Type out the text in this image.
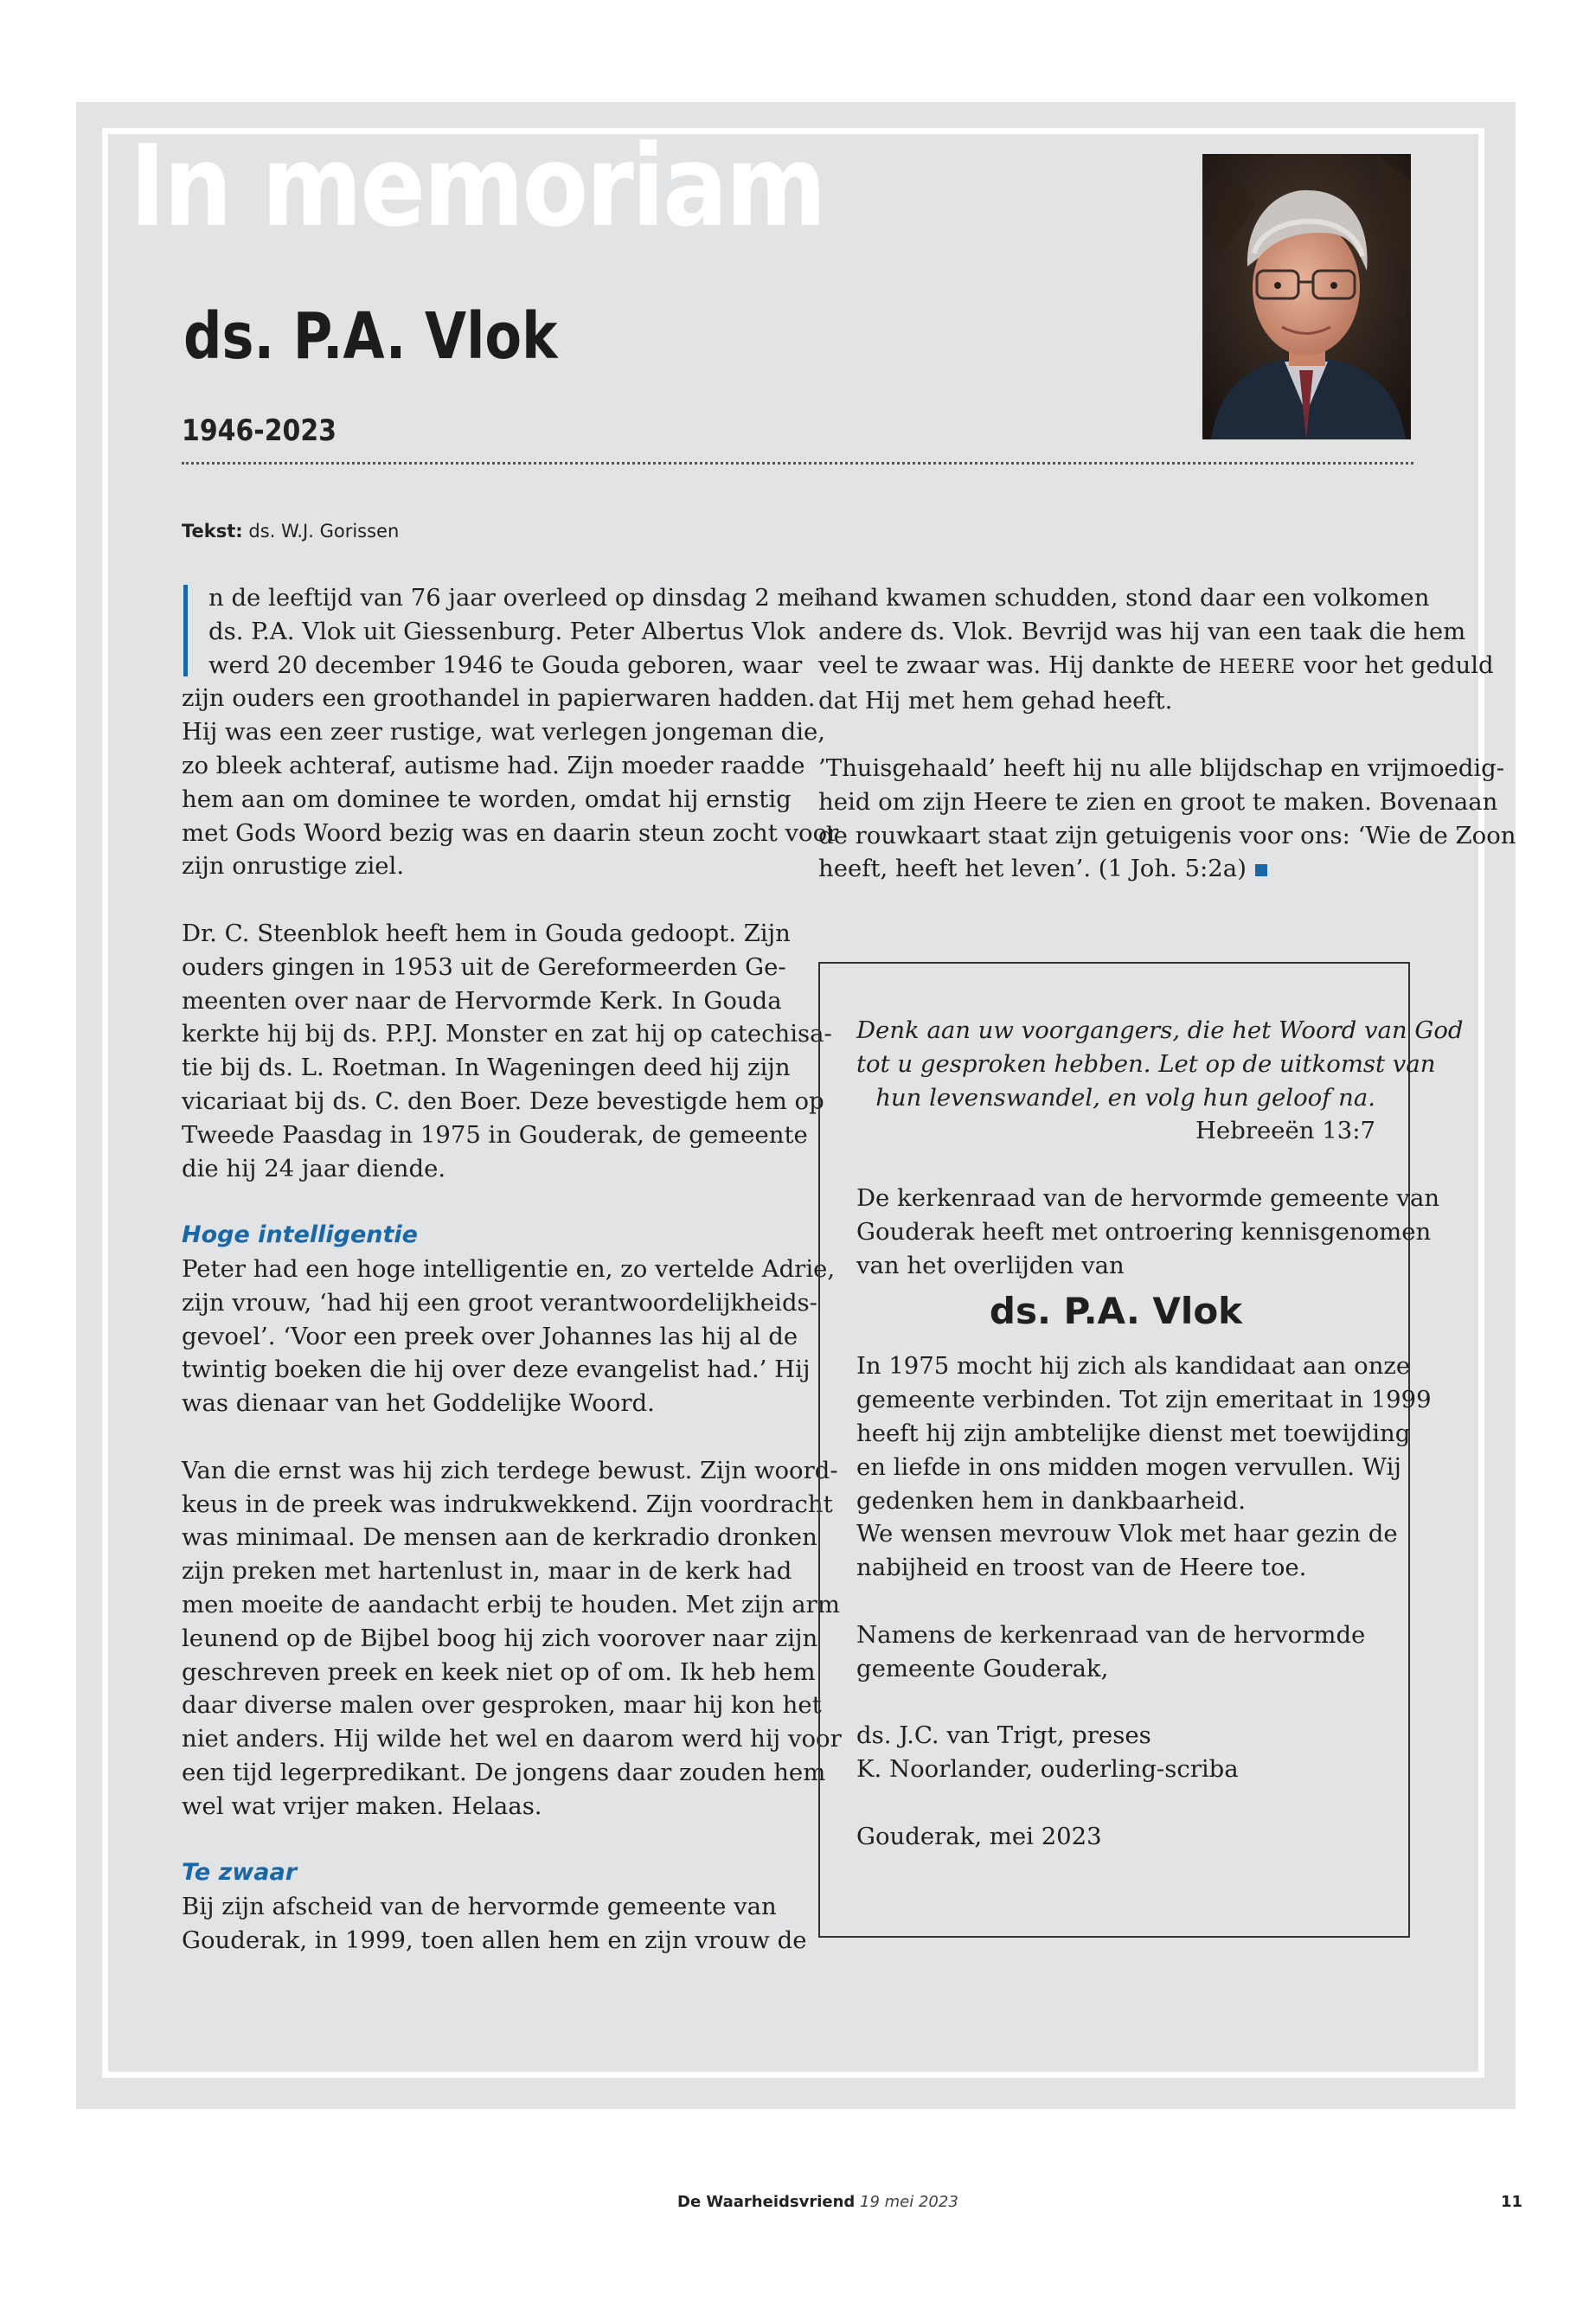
In memoriam
ds. P.A. Vlok
1946-2023
Tekst: ds. W.J. Gorissen

n de leeftijd van 76 jaar overleed op dinsdag 2 mei

ds. P.A. Vlok uit Giessenburg. Peter Albertus Vlok

werd 20 december 1946 te Gouda geboren, waar

zijn ouders een groothandel in papierwaren hadden.

Hij was een zeer rustige, wat verlegen jongeman die,

zo bleek achteraf, autisme had. Zijn moeder raadde

hem aan om dominee te worden, omdat hij ernstig

met Gods Woord bezig was en daarin steun zocht voor

zijn onrustige ziel.

Dr. C. Steenblok heeft hem in Gouda gedoopt. Zijn

ouders gingen in 1953 uit de Gereformeerden Ge-

meenten over naar de Hervormde Kerk. In Gouda

kerkte hij bij ds. P.P.J. Monster en zat hij op catechisa-

tie bij ds. L. Roetman. In Wageningen deed hij zijn

vicariaat bij ds. C. den Boer. Deze bevestigde hem op

Tweede Paasdag in 1975 in Gouderak, de gemeente

die hij 24 jaar diende.

Hoge intelligentie

Peter had een hoge intelligentie en, zo vertelde Adrie,

zijn vrouw, ‘had hij een groot verantwoordelijkheids-

gevoel’. ‘Voor een preek over Johannes las hij al de

twintig boeken die hij over deze evangelist had.’ Hij

was dienaar van het Goddelijke Woord.

Van die ernst was hij zich terdege bewust. Zijn woord-

keus in de preek was indrukwekkend. Zijn voordracht

was minimaal. De mensen aan de kerkradio dronken

zijn preken met hartenlust in, maar in de kerk had

men moeite de aandacht erbij te houden. Met zijn arm

leunend op de Bijbel boog hij zich voorover naar zijn

geschreven preek en keek niet op of om. Ik heb hem

daar diverse malen over gesproken, maar hij kon het

niet anders. Hij wilde het wel en daarom werd hij voor

een tijd legerpredikant. De jongens daar zouden hem

wel wat vrijer maken. Helaas.

Te zwaar

Bij zijn afscheid van de hervormde gemeente van

Gouderak, in 1999, toen allen hem en zijn vrouw de

hand kwamen schudden, stond daar een volkomen

andere ds. Vlok. Bevrijd was hij van een taak die hem

veel te zwaar was. Hij dankte de HEERE voor het geduld

dat Hij met hem gehad heeft.

’Thuisgehaald’ heeft hij nu alle blijdschap en vrijmoedig-

heid om zijn Heere te zien en groot te maken. Bovenaan

de rouwkaart staat zijn getuigenis voor ons: ‘Wie de Zoon

heeft, heeft het leven’. (1 Joh. 5:2a)

Denk aan uw voorgangers, die het Woord van God

tot u gesproken hebben. Let op de uitkomst van

hun levenswandel, en volg hun geloof na.

Hebreeën 13:7

De kerkenraad van de hervormde gemeente van

Gouderak heeft met ontroering kennisgenomen

van het overlijden van

ds. P.A. Vlok

In 1975 mocht hij zich als kandidaat aan onze

gemeente verbinden. Tot zijn emeritaat in 1999

heeft hij zijn ambtelijke dienst met toewijding

en liefde in ons midden mogen vervullen. Wij

gedenken hem in dankbaarheid.

We wensen mevrouw Vlok met haar gezin de

nabijheid en troost van de Heere toe.

Namens de kerkenraad van de hervormde

gemeente Gouderak,

ds. J.C. van Trigt, preses

K. Noorlander, ouderling-scriba

Gouderak, mei 2023

De Waarheidsvriend 19 mei 2023	11
